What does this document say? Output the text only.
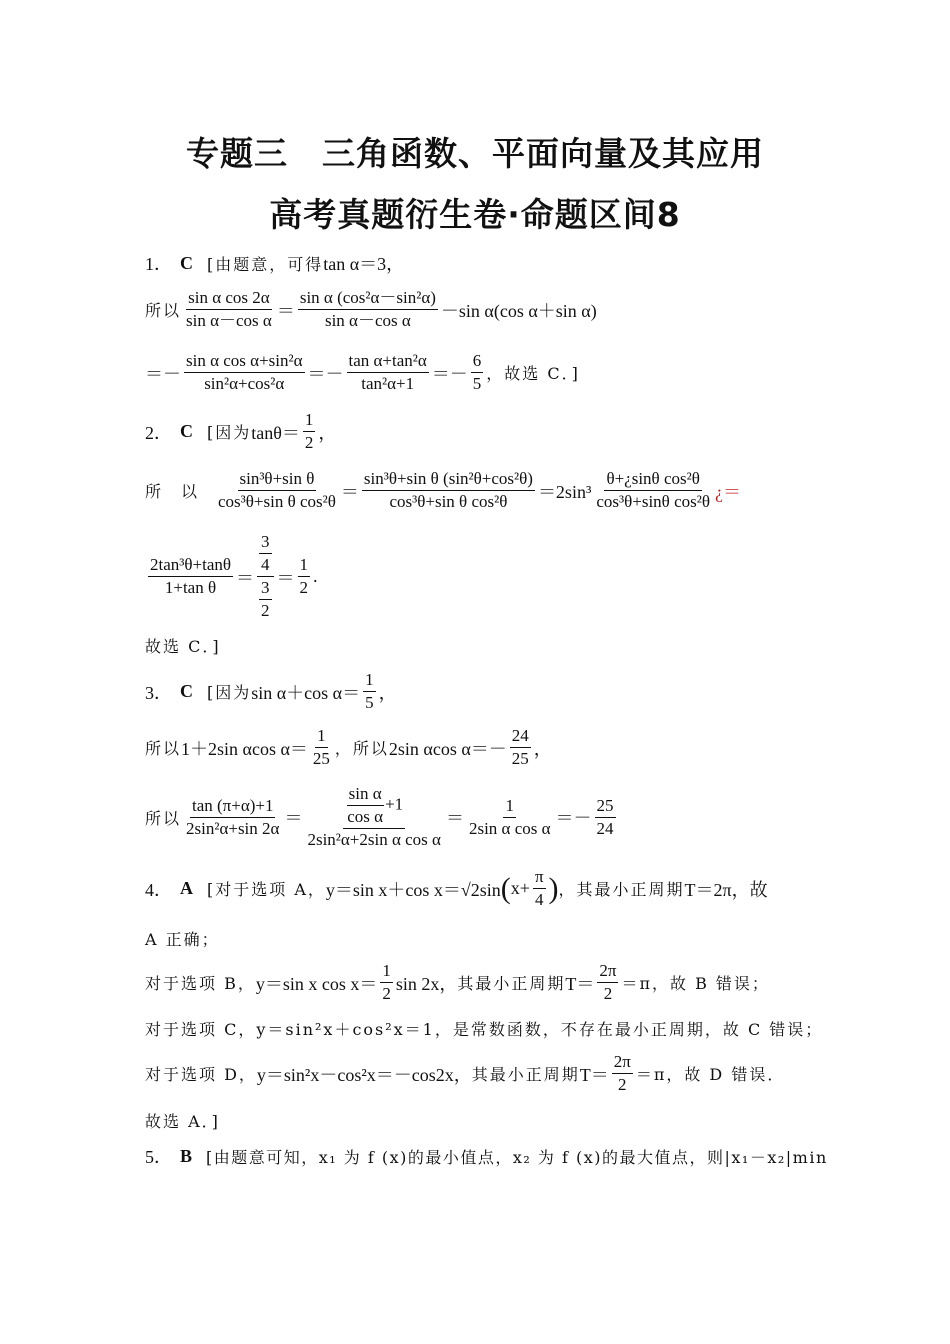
专题三　三角函数、平面向量及其应用
高考真题衍生卷·命题区间8
1． C [由题意，可得 tan α＝3，
所以 $\frac{\text{sin α cos 2α}}{\text{sin α－cos α}} = \frac{\text{sin α (cos²α－sin²α)}}{\text{sin α－cos α}} -\sin$ α(cos α＋sin α)
＝－ $\frac{\text{sin α cos α+sin²α}}{\text{sin²α+cos²α}} =- \frac{\text{tan α+tan²α}}{\text{tan²α+1}} =- \frac{6}{5}$ ，故选 C．]
2． C [因为 $\tan\theta= \frac{1}{2}$ ，
所　以 $\frac{\text{sin³θ+sin θ}}{\text{cos³θ+sin θ cos²θ}} = \frac{\text{sin³θ+sin θ (sin²θ+cos²θ)}}{\text{cos³θ+sin θ cos²θ}} =2\sin^3 \frac{\text{θ+¿sinθ cos²θ}}{\text{cos³θ+sinθ cos²θ}}$ ¿＝
$\frac{\text{2tan³θ+tanθ}}{\text{1+tan θ}} = \frac{\frac{3}{4}}{\frac{3}{2}} = \frac{1}{2}$ .
故选 C．]
3． C [因为 sin α＋cos $\alpha= \frac{1}{5}$ ，
所以 1＋2sin αcos $\alpha= \frac{1}{25}$ ，所以 2sin αcos $\alpha=- \frac{24}{25}$ ，
所以 $\frac{\tan (\pi+\alpha)+1}{\text{2sin²α+sin 2α}} = \frac{\frac{\text{sin α}}{\text{cos α}} +1}{\text{2sin²α+2sin α cos α}} = \frac{1}{\text{2sin α cos α}} =- \frac{25}{24}$
4． A [对于选项 A， y＝sin x＋cos x＝√2sin ( $x+ \frac{\pi}{4}$ ) ，其最小正周期 T＝2π，故
A 正确；
对于选项 B， y＝sin x $\cos x= \frac{1}{2}$ sin 2x， 其最小正周期 $T= \frac{2\pi}{2} =\pi$，故 B 错误；
对于选项 C，y＝sin²x＋cos²x＝1，是常数函数，不存在最小正周期，故 C 错误；
对于选项 D， y＝sin²x－cos²x＝－cos2x， 其最小正周期 $T= \frac{2\pi}{2} =\pi$，故 D 错误．
故选 A．]
5． B [由题意可知，x₁ 为 f (x)的最小值点，x₂ 为 f (x)的最大值点，则|x₁－x₂|min
